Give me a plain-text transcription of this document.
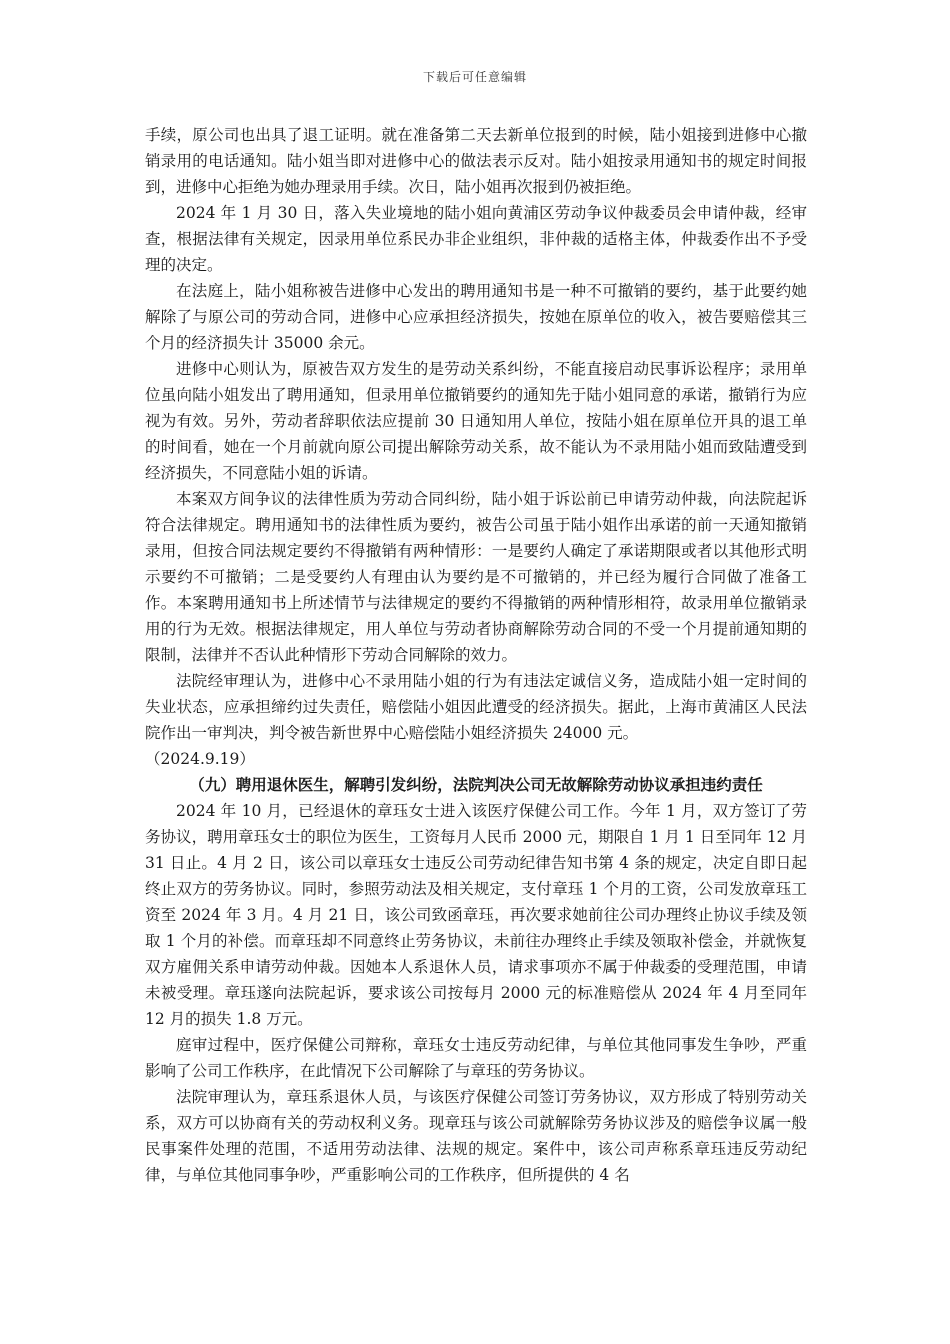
下载后可任意编辑

手续，原公司也出具了退工证明。就在准备第二天去新单位报到的时候，陆小姐接到进修中心撤销录用的电话通知。陆小姐当即对进修中心的做法表示反对。陆小姐按录用通知书的规定时间报到，进修中心拒绝为她办理录用手续。次日，陆小姐再次报到仍被拒绝。

2024 年 1 月 30 日，落入失业境地的陆小姐向黄浦区劳动争议仲裁委员会申请仲裁，经审查，根据法律有关规定，因录用单位系民办非企业组织，非仲裁的适格主体，仲裁委作出不予受理的决定。

在法庭上，陆小姐称被告进修中心发出的聘用通知书是一种不可撤销的要约，基于此要约她解除了与原公司的劳动合同，进修中心应承担经济损失，按她在原单位的收入，被告要赔偿其三个月的经济损失计 35000 余元。

进修中心则认为，原被告双方发生的是劳动关系纠纷，不能直接启动民事诉讼程序；录用单位虽向陆小姐发出了聘用通知，但录用单位撤销要约的通知先于陆小姐同意的承诺，撤销行为应视为有效。另外，劳动者辞职依法应提前 30 日通知用人单位，按陆小姐在原单位开具的退工单的时间看，她在一个月前就向原公司提出解除劳动关系，故不能认为不录用陆小姐而致陆遭受到经济损失，不同意陆小姐的诉请。

本案双方间争议的法律性质为劳动合同纠纷，陆小姐于诉讼前已申请劳动仲裁，向法院起诉符合法律规定。聘用通知书的法律性质为要约，被告公司虽于陆小姐作出承诺的前一天通知撤销录用，但按合同法规定要约不得撤销有两种情形：一是要约人确定了承诺期限或者以其他形式明示要约不可撤销；二是受要约人有理由认为要约是不可撤销的，并已经为履行合同做了准备工作。本案聘用通知书上所述情节与法律规定的要约不得撤销的两种情形相符，故录用单位撤销录用的行为无效。根据法律规定，用人单位与劳动者协商解除劳动合同的不受一个月提前通知期的限制，法律并不否认此种情形下劳动合同解除的效力。

法院经审理认为，进修中心不录用陆小姐的行为有违法定诚信义务，造成陆小姐一定时间的失业状态，应承担缔约过失责任，赔偿陆小姐因此遭受的经济损失。据此，上海市黄浦区人民法院作出一审判决，判令被告新世界中心赔偿陆小姐经济损失 24000 元。

（2024.9.19）

（九）聘用退休医生，解聘引发纠纷，法院判决公司无故解除劳动协议承担违约责任

2024 年 10 月，已经退休的章珏女士进入该医疗保健公司工作。今年 1 月，双方签订了劳务协议，聘用章珏女士的职位为医生，工资每月人民币 2000 元，期限自 1 月 1 日至同年 12 月 31 日止。4 月 2 日，该公司以章珏女士违反公司劳动纪律告知书第 4 条的规定，决定自即日起终止双方的劳务协议。同时，参照劳动法及相关规定，支付章珏 1 个月的工资，公司发放章珏工资至 2024 年 3 月。4 月 21 日，该公司致函章珏，再次要求她前往公司办理终止协议手续及领取 1 个月的补偿。而章珏却不同意终止劳务协议，未前往办理终止手续及领取补偿金，并就恢复双方雇佣关系申请劳动仲裁。因她本人系退休人员，请求事项亦不属于仲裁委的受理范围，申请未被受理。章珏遂向法院起诉，要求该公司按每月 2000 元的标准赔偿从 2024 年 4 月至同年 12 月的损失 1.8 万元。

庭审过程中，医疗保健公司辩称，章珏女士违反劳动纪律，与单位其他同事发生争吵，严重影响了公司工作秩序，在此情况下公司解除了与章珏的劳务协议。

法院审理认为，章珏系退休人员，与该医疗保健公司签订劳务协议，双方形成了特别劳动关系，双方可以协商有关的劳动权利义务。现章珏与该公司就解除劳务协议涉及的赔偿争议属一般民事案件处理的范围，不适用劳动法律、法规的规定。案件中，该公司声称系章珏违反劳动纪律，与单位其他同事争吵，严重影响公司的工作秩序，但所提供的 4 名
